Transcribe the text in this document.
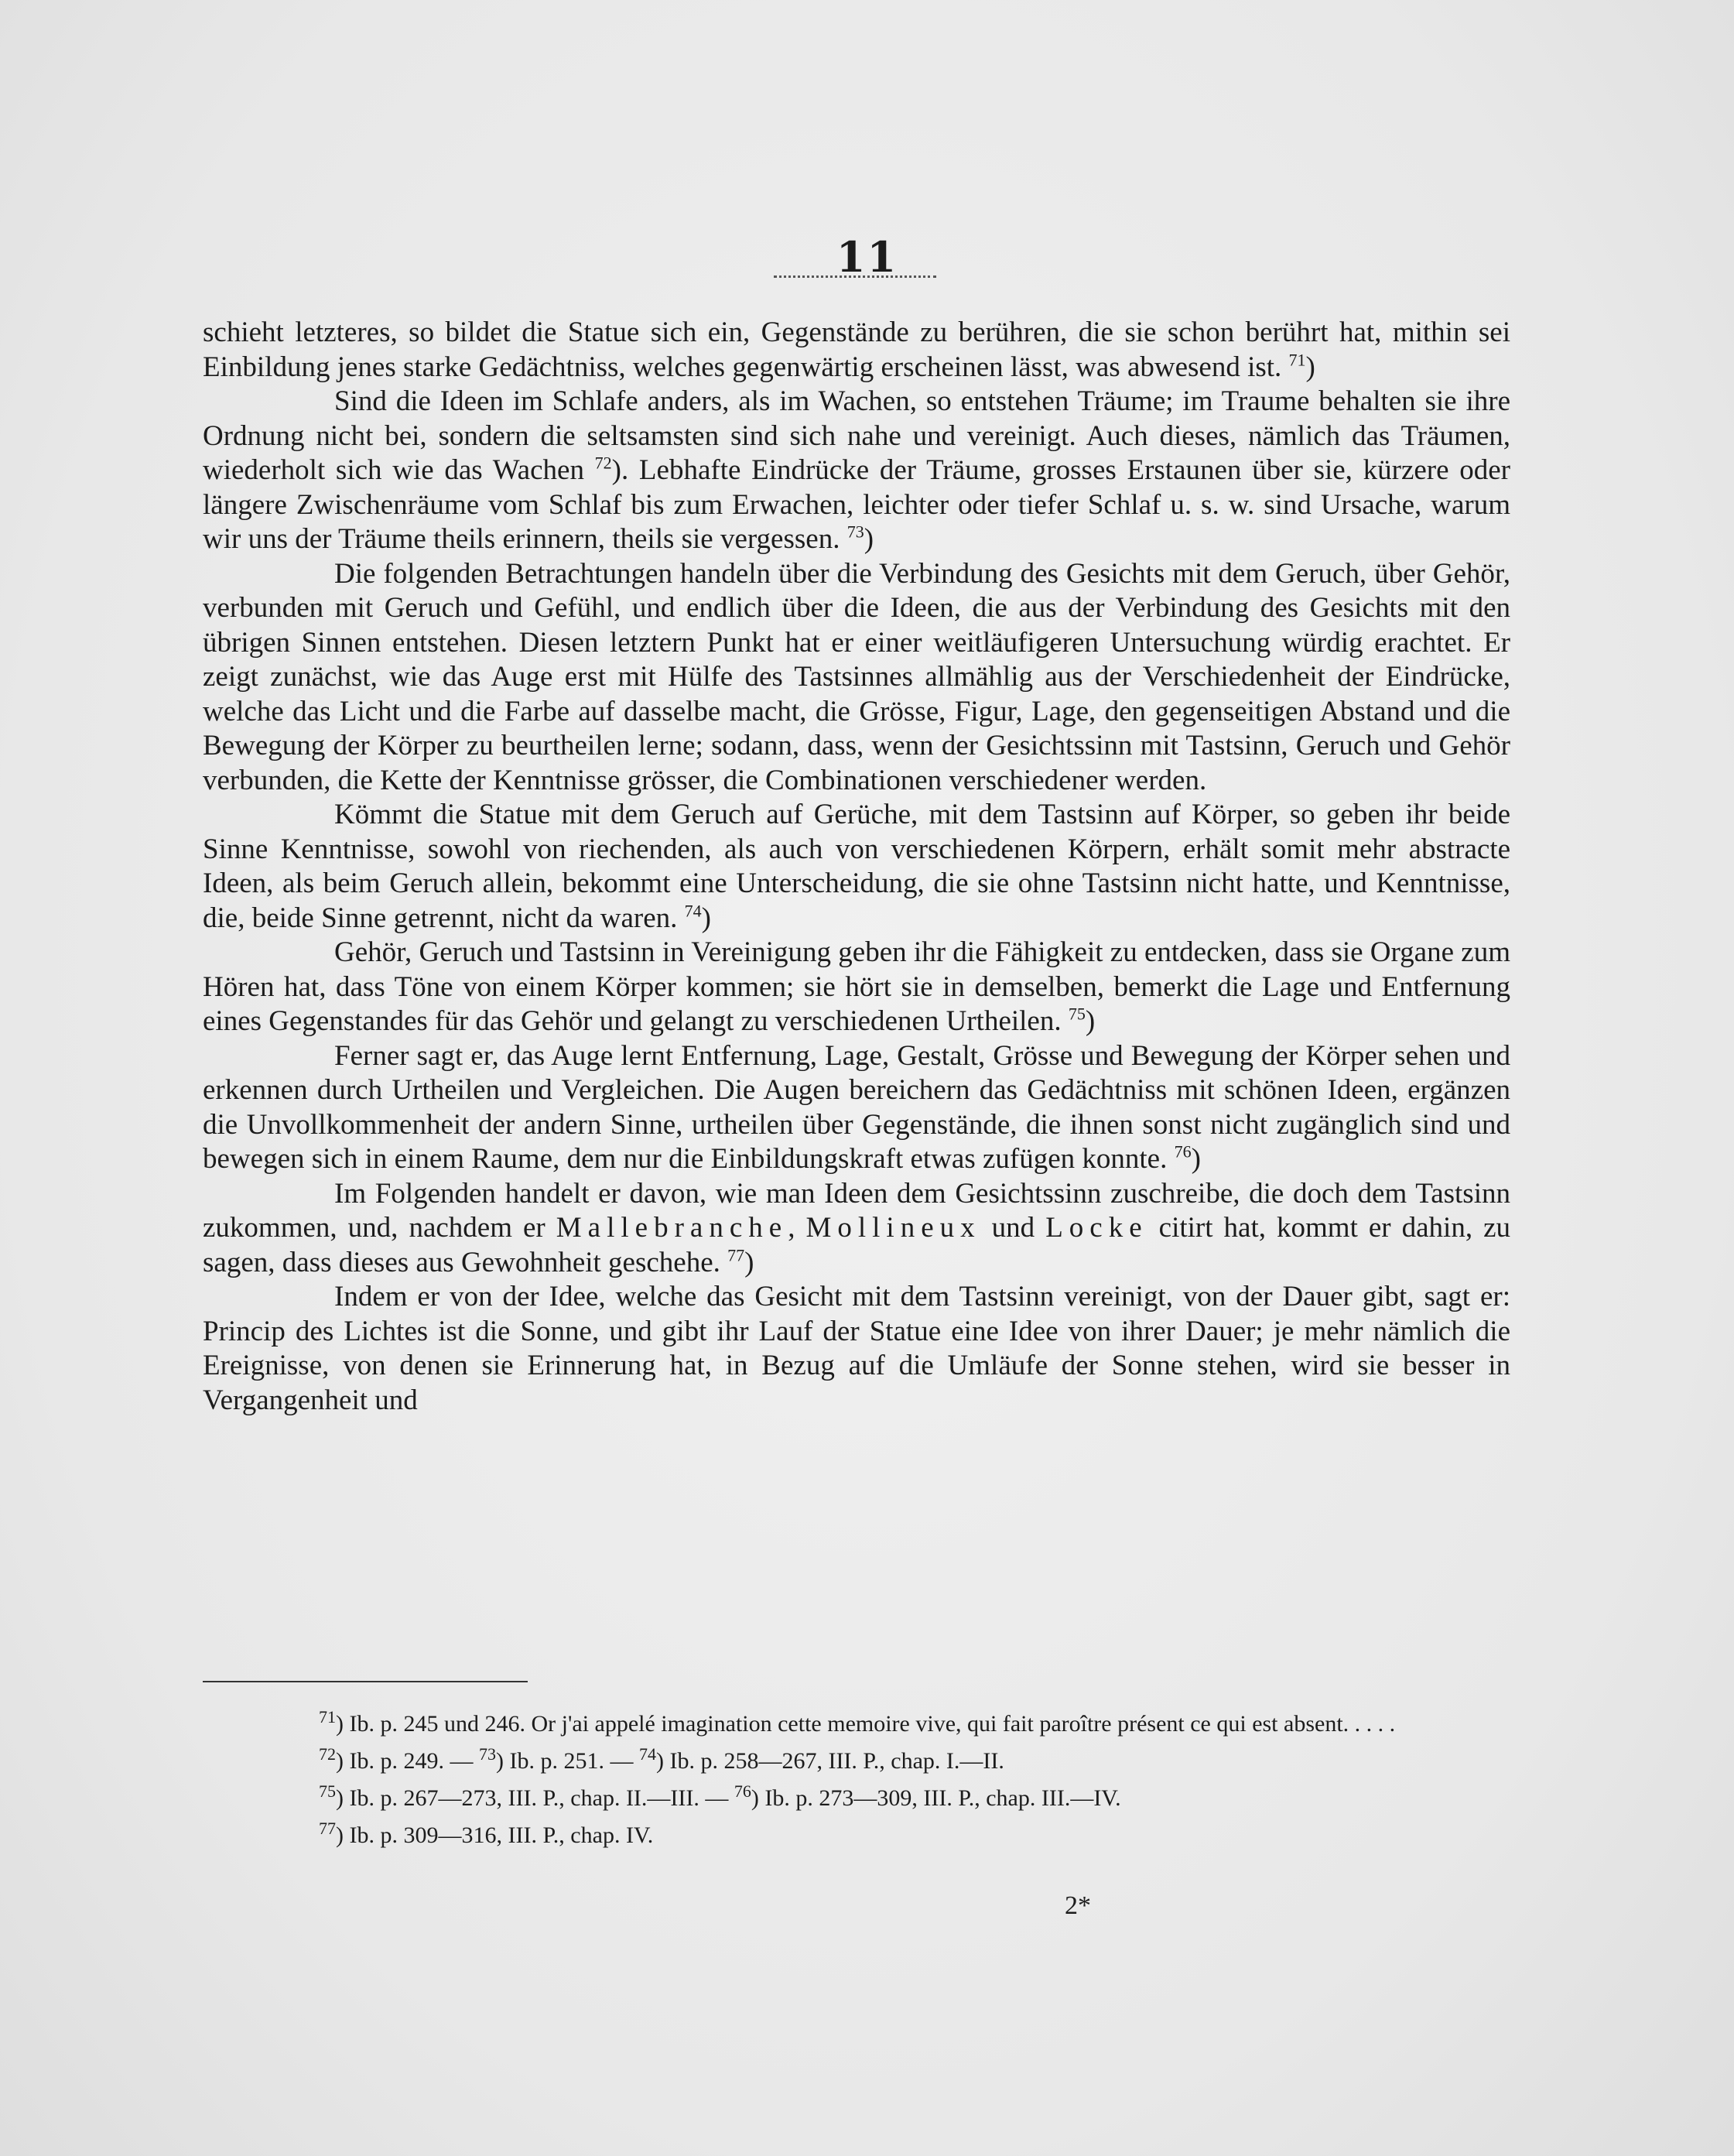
11

schieht letzteres, so bildet die Statue sich ein, Gegenstände zu berühren, die sie schon berührt hat, mithin sei Einbildung jenes starke Gedächtniss, welches gegenwärtig erscheinen lässt, was abwesend ist. $^{71}$)

Sind die Ideen im Schlafe anders, als im Wachen, so entstehen Träume; im Traume behalten sie ihre Ordnung nicht bei, sondern die seltsamsten sind sich nahe und vereinigt. Auch dieses, nämlich das Träumen, wiederholt sich wie das Wachen $^{72}$). Lebhafte Eindrücke der Träume, grosses Erstaunen über sie, kürzere oder längere Zwischenräume vom Schlaf bis zum Erwachen, leichter oder tiefer Schlaf u. s. w. sind Ursache, warum wir uns der Träume theils erinnern, theils sie vergessen. $^{73}$)

Die folgenden Betrachtungen handeln über die Verbindung des Gesichts mit dem Geruch, über Gehör, verbunden mit Geruch und Gefühl, und endlich über die Ideen, die aus der Verbindung des Gesichts mit den übrigen Sinnen entstehen. Diesen letztern Punkt hat er einer weitläufigeren Untersuchung würdig erachtet. Er zeigt zunächst, wie das Auge erst mit Hülfe des Tastsinnes allmählig aus der Verschiedenheit der Eindrücke, welche das Licht und die Farbe auf dasselbe macht, die Grösse, Figur, Lage, den gegenseitigen Abstand und die Bewegung der Körper zu beurtheilen lerne; sodann, dass, wenn der Gesichtssinn mit Tastsinn, Geruch und Gehör verbunden, die Kette der Kenntnisse grösser, die Combinationen verschiedener werden.

Kömmt die Statue mit dem Geruch auf Gerüche, mit dem Tastsinn auf Körper, so geben ihr beide Sinne Kenntnisse, sowohl von riechenden, als auch von verschiedenen Körpern, erhält somit mehr abstracte Ideen, als beim Geruch allein, bekommt eine Unterscheidung, die sie ohne Tastsinn nicht hatte, und Kenntnisse, die, beide Sinne getrennt, nicht da waren. $^{74}$)

Gehör, Geruch und Tastsinn in Vereinigung geben ihr die Fähigkeit zu entdecken, dass sie Organe zum Hören hat, dass Töne von einem Körper kommen; sie hört sie in demselben, bemerkt die Lage und Entfernung eines Gegenstandes für das Gehör und gelangt zu verschiedenen Urtheilen. $^{75}$)

Ferner sagt er, das Auge lernt Entfernung, Lage, Gestalt, Grösse und Bewegung der Körper sehen und erkennen durch Urtheilen und Vergleichen. Die Augen bereichern das Gedächtniss mit schönen Ideen, ergänzen die Unvollkommenheit der andern Sinne, urtheilen über Gegenstände, die ihnen sonst nicht zugänglich sind und bewegen sich in einem Raume, dem nur die Einbildungskraft etwas zufügen konnte. $^{76}$)

Im Folgenden handelt er davon, wie man Ideen dem Gesichtssinn zuschreibe, die doch dem Tastsinn zukommen, und, nachdem er Mallebranche, Mollineux und Locke citirt hat, kommt er dahin, zu sagen, dass dieses aus Gewohnheit geschehe. $^{77}$)

Indem er von der Idee, welche das Gesicht mit dem Tastsinn vereinigt, von der Dauer gibt, sagt er: Princip des Lichtes ist die Sonne, und gibt ihr Lauf der Statue eine Idee von ihrer Dauer; je mehr nämlich die Ereignisse, von denen sie Erinnerung hat, in Bezug auf die Umläufe der Sonne stehen, wird sie besser in Vergangenheit und

$^{71}$) Ib. p. 245 und 246. Or j'ai appelé imagination cette memoire vive, qui fait paroître présent ce qui est absent. . . . .

$^{72}$) Ib. p. 249. — $^{73}$) Ib. p. 251. — $^{74}$) Ib. p. 258—267, III. P., chap. I.—II.

$^{75}$) Ib. p. 267—273, III. P., chap. II.—III. — $^{76}$) Ib. p. 273—309, III. P., chap. III.—IV.

$^{77}$) Ib. p. 309—316, III. P., chap. IV.

2*
